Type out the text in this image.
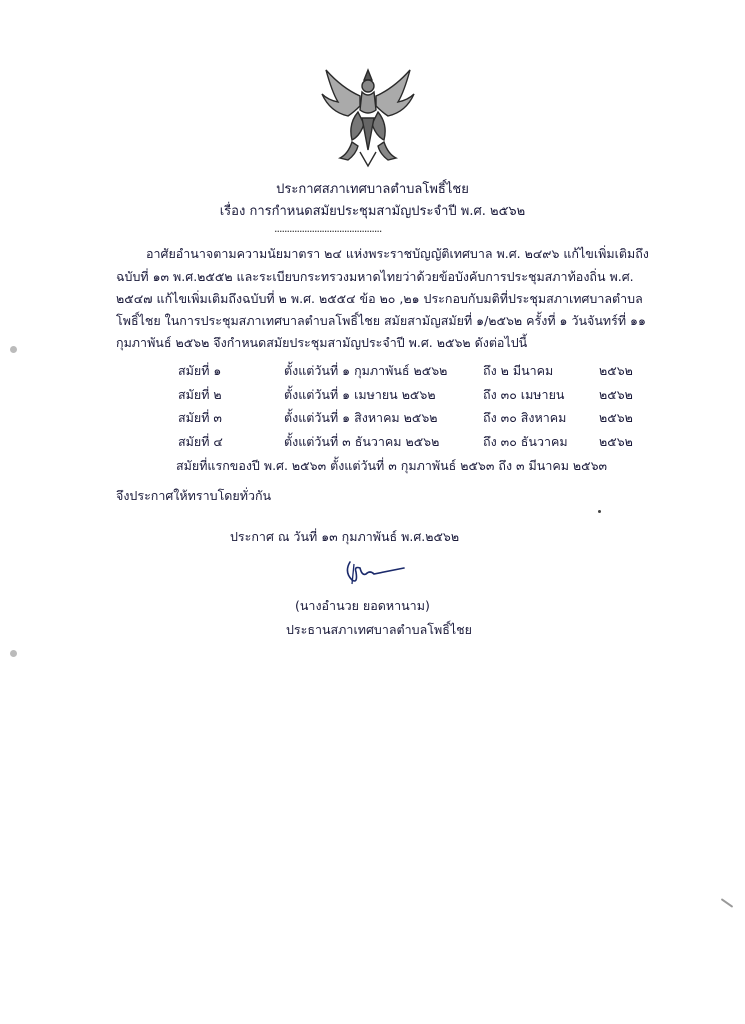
ประกาศสภาเทศบาลตำบลโพธิ์ไชย
เรื่อง การกำหนดสมัยประชุมสามัญประจำปี พ.ศ. ๒๕๖๒
...........................................
อาศัยอำนาจตามความนัยมาตรา ๒๔ แห่งพระราชบัญญัติเทศบาล พ.ศ. ๒๔๙๖ แก้ไขเพิ่มเติมถึง
ฉบับที่ ๑๓ พ.ศ.๒๕๕๒ และระเบียบกระทรวงมหาดไทยว่าด้วยข้อบังคับการประชุมสภาท้องถิ่น พ.ศ.
๒๕๔๗ แก้ไขเพิ่มเติมถึงฉบับที่ ๒ พ.ศ. ๒๕๕๔ ข้อ ๒๐ ,๒๑ ประกอบกับมติที่ประชุมสภาเทศบาลตำบล
โพธิ์ไชย ในการประชุมสภาเทศบาลตำบลโพธิ์ไชย สมัยสามัญสมัยที่ ๑/๒๕๖๒ ครั้งที่ ๑ วันจันทร์ที่ ๑๑
กุมภาพันธ์ ๒๕๖๒ จึงกำหนดสมัยประชุมสามัญประจำปี พ.ศ. ๒๕๖๒ ดังต่อไปนี้
สมัยที่ ๑	ตั้งแต่วันที่ ๑ กุมภาพันธ์ ๒๕๖๒	ถึง ๒ มีนาคม	๒๕๖๒
สมัยที่ ๒	ตั้งแต่วันที่ ๑ เมษายน ๒๕๖๒	ถึง ๓๐ เมษายน	๒๕๖๒
สมัยที่ ๓	ตั้งแต่วันที่ ๑ สิงหาคม ๒๕๖๒	ถึง ๓๐ สิงหาคม	๒๕๖๒
สมัยที่ ๔	ตั้งแต่วันที่ ๓ ธันวาคม ๒๕๖๒	ถึง ๓๐ ธันวาคม	๒๕๖๒
สมัยที่แรกของปี พ.ศ. ๒๕๖๓ ตั้งแต่วันที่ ๓ กุมภาพันธ์ ๒๕๖๓ ถึง ๓ มีนาคม ๒๕๖๓
จึงประกาศให้ทราบโดยทั่วกัน
ประกาศ ณ วันที่ ๑๓ กุมภาพันธ์ พ.ศ.๒๕๖๒
(นางอำนวย ยอดหานาม)
ประธานสภาเทศบาลตำบลโพธิ์ไชย
